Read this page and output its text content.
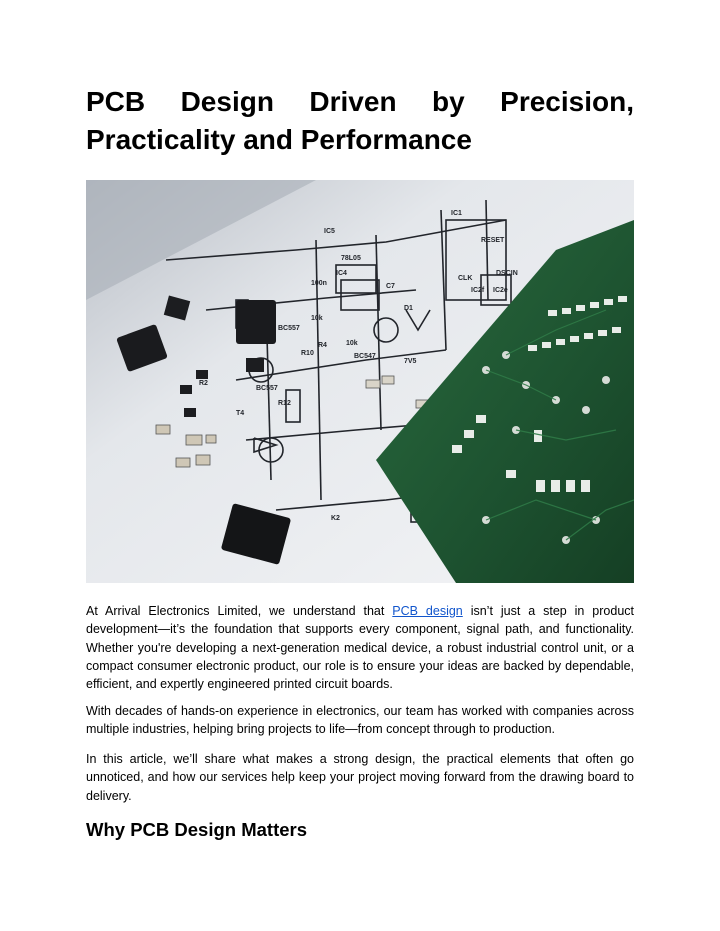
PCB Design Driven by Precision, Practicality and Performance
IC1
IC5
78L05
IC4
BC557
BC547
BC557
T4
R2
R12
R10
R4
7V5
D1
K2
DSCIN
RESET
CLK
IC2f IC2e
10k
10k
100n	C7

At Arrival Electronics Limited, we understand that PCB design isn’t just a step in product development—it’s the foundation that supports every component, signal path, and functionality. Whether you're developing a next-generation medical device, a robust industrial control unit, or a compact consumer electronic product, our role is to ensure your ideas are backed by dependable, efficient, and expertly engineered printed circuit boards.

With decades of hands-on experience in electronics, our team has worked with companies across multiple industries, helping bring projects to life—from concept through to production.

In this article, we’ll share what makes a strong design, the practical elements that often go unnoticed, and how our services help keep your project moving forward from the drawing board to delivery.

Why PCB Design Matters
